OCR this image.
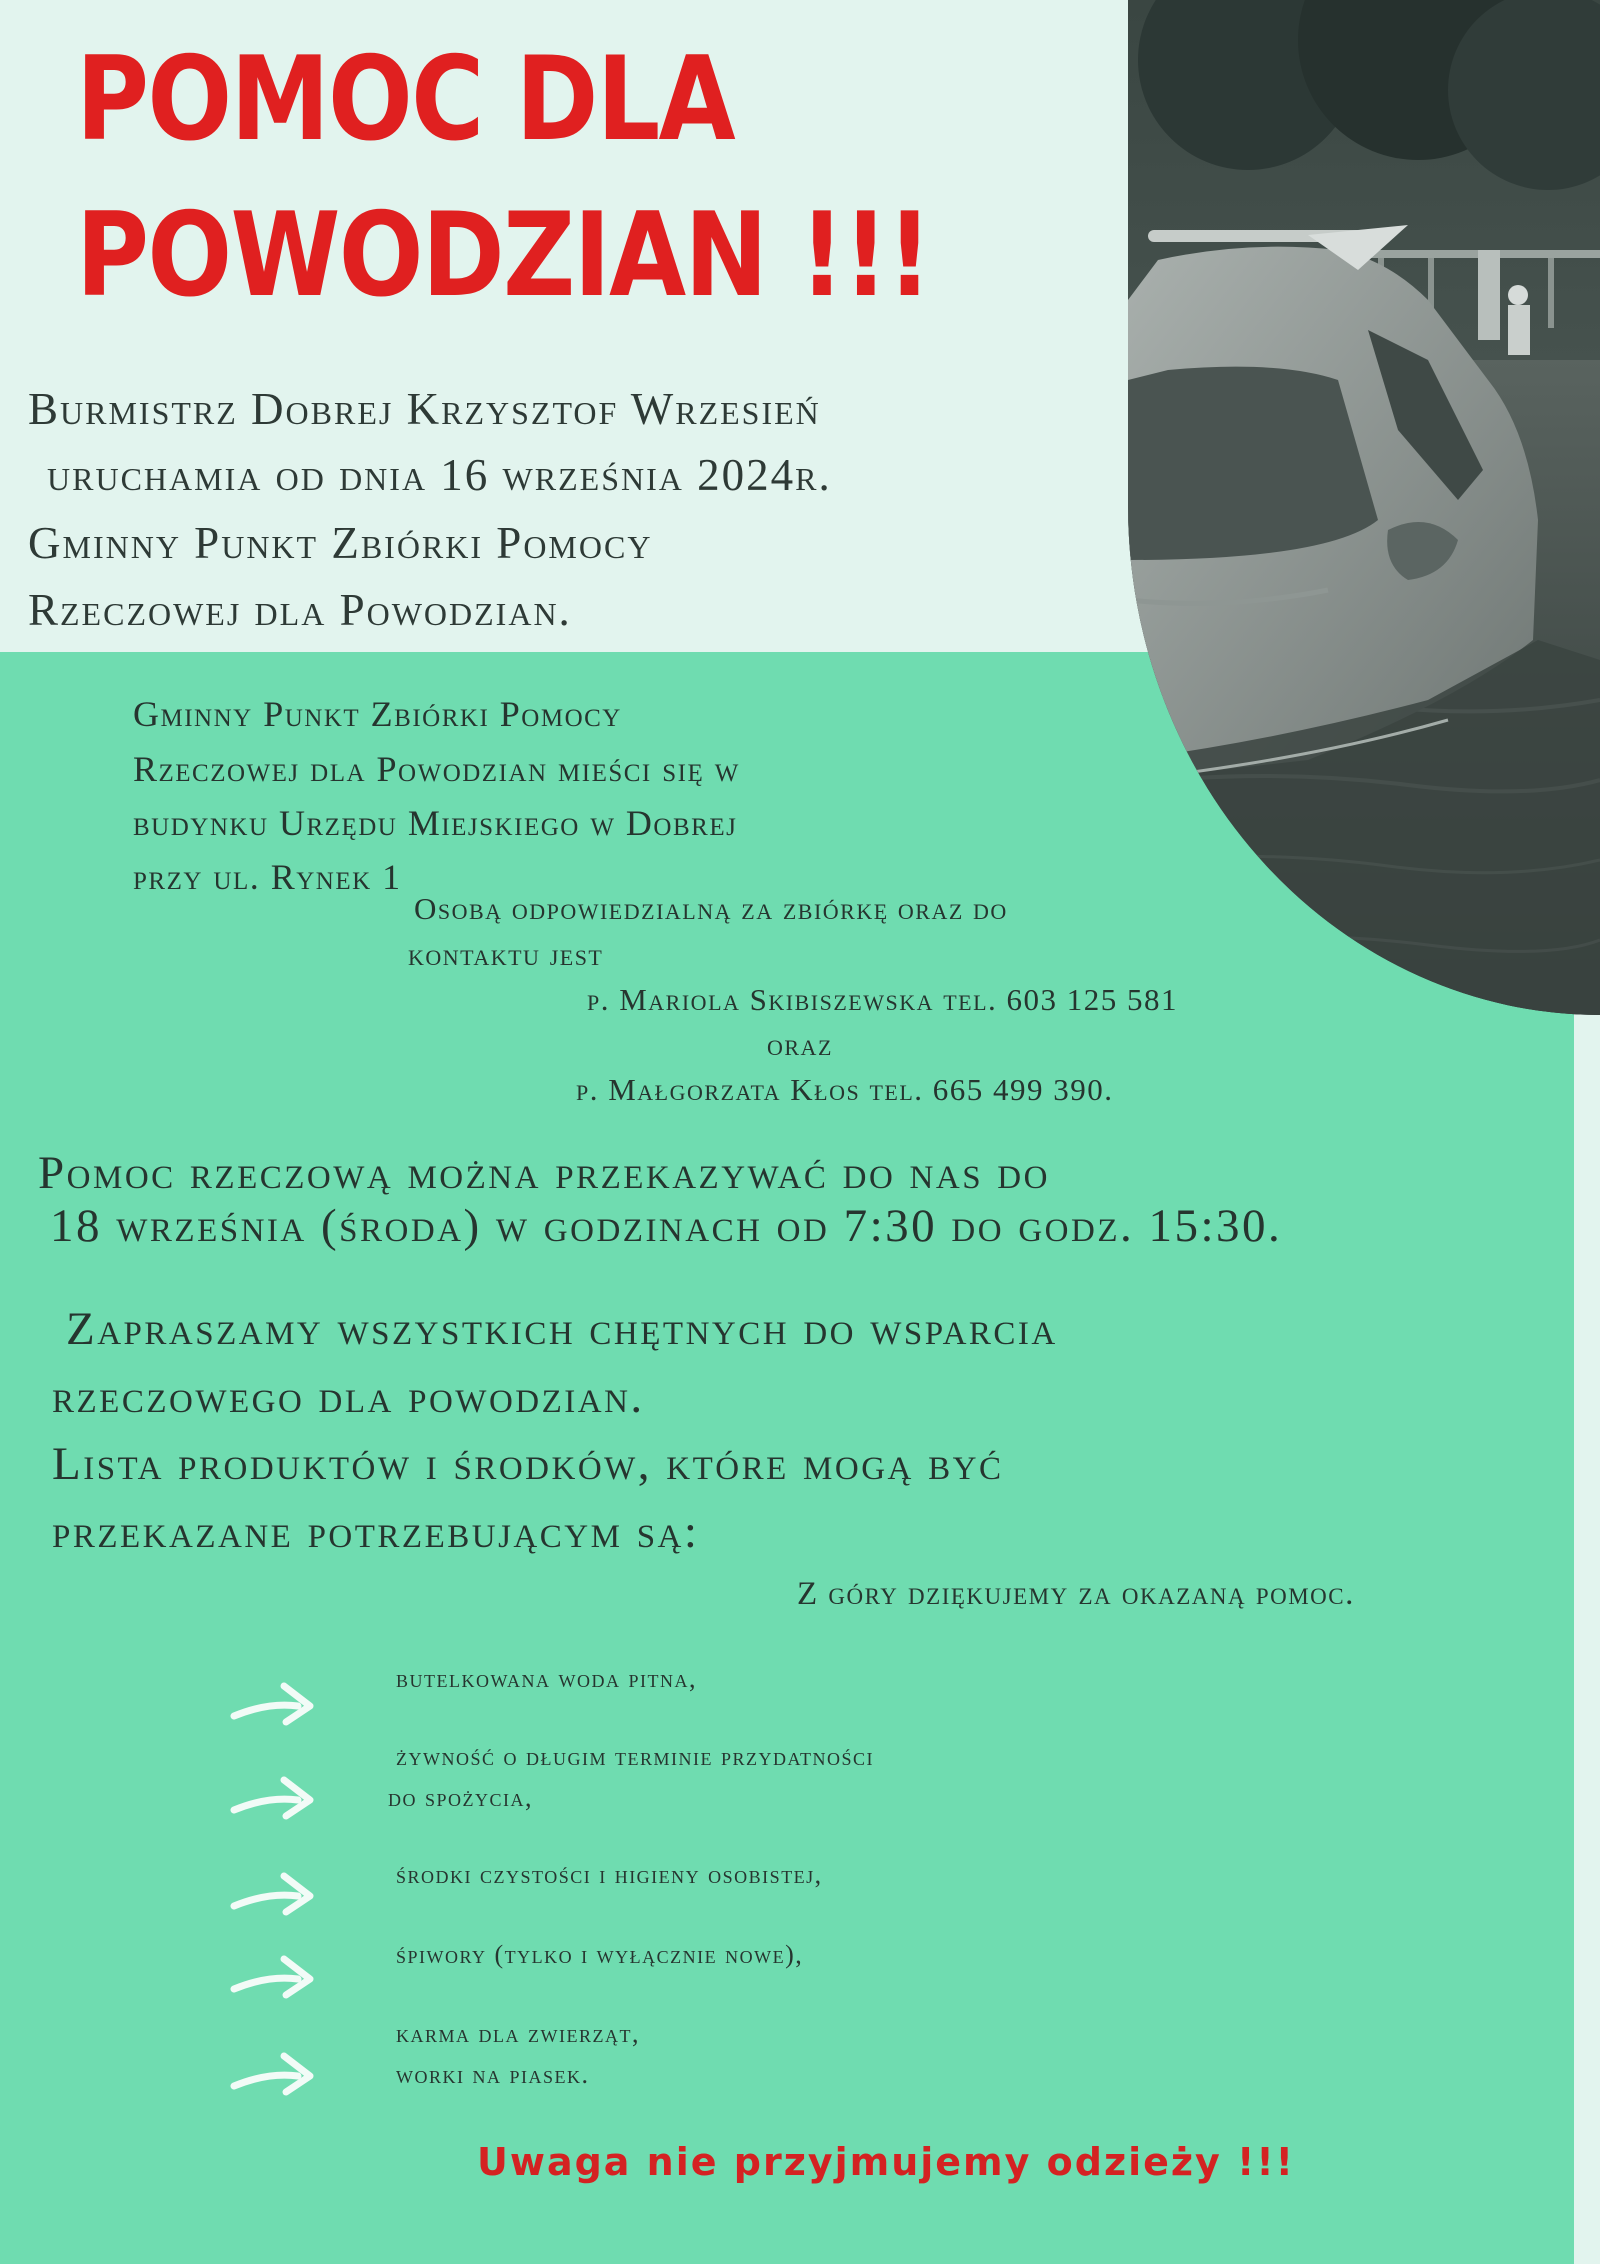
POMOC DLA
POWODZIAN !!!

Burmistrz Dobrej Krzysztof Wrzesień

uruchamia od dnia 16 września 2024r.

Gminny Punkt Zbiórki Pomocy

Rzeczowej dla Powodzian.

Gminny Punkt Zbiórki Pomocy

Rzeczowej dla Powodzian mieści się w

budynku Urzędu Miejskiego w Dobrej

przy ul. Rynek 1

Osobą odpowiedzialną za zbiórkę oraz do

kontaktu jest

p. Mariola Skibiszewska tel. 603 125 581

oraz

p. Małgorzata Kłos tel. 665 499 390.

Pomoc rzeczową można przekazywać do nas do

18 września (środa) w godzinach od 7:30 do godz. 15:30.

Zapraszamy wszystkich chętnych do wsparcia

rzeczowego dla powodzian.

Lista produktów i środków, które mogą być

przekazane potrzebującym są:

Z góry dziękujemy za okazaną pomoc.

butelkowana woda pitna,

żywność o długim terminie przydatności

do spożycia,

środki czystości i higieny osobistej,

śpiwory (tylko i wyłącznie nowe),

karma dla zwierząt,

worki na piasek.

Uwaga nie przyjmujemy odzieży !!!
